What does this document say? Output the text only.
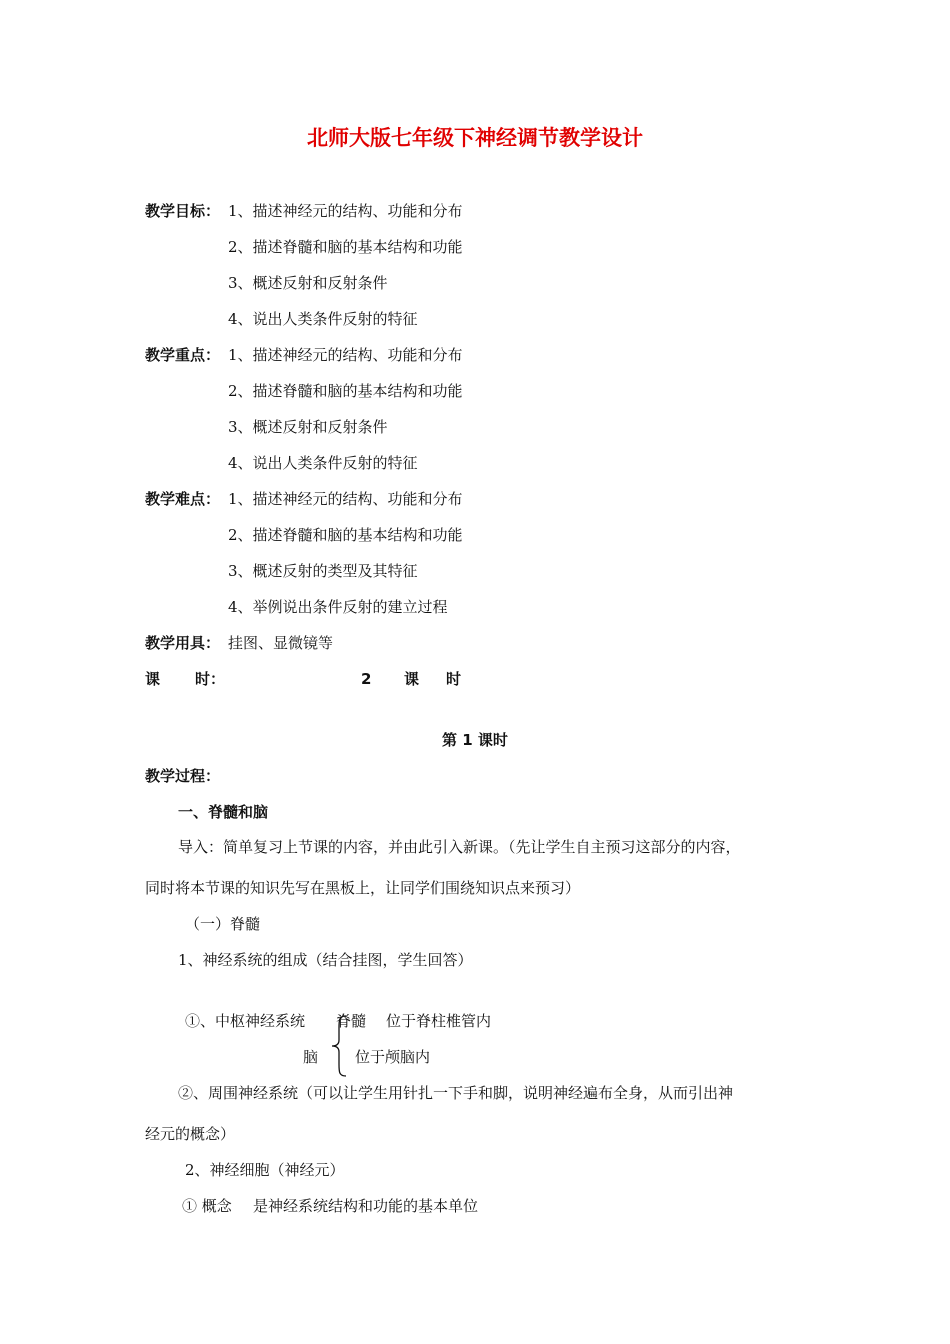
北师大版七年级下神经调节教学设计
教学目标： 1、描述神经元的结构、功能和分布
2、描述脊髓和脑的基本结构和功能
3、概述反射和反射条件
4、说出人类条件反射的特征
教学重点： 1、描述神经元的结构、功能和分布
2、描述脊髓和脑的基本结构和功能
3、概述反射和反射条件
4、说出人类条件反射的特征
教学难点： 1、描述神经元的结构、功能和分布
2、描述脊髓和脑的基本结构和功能
3、概述反射的类型及其特征
4、举例说出条件反射的建立过程
教学用具： 挂图、显微镜等
课 时：	2 课 时
第 1 课时
教学过程：
一、脊髓和脑
导入：简单复习上节课的内容，并由此引入新课。（先让学生自主预习这部分的内容，
同时将本节课的知识先写在黑板上，让同学们围绕知识点来预习）
（一）脊髓
1、神经系统的组成（结合挂图，学生回答）
①、中枢神经系统 脊髓 位于脊柱椎管内
脑 位于颅脑内
②、周围神经系统（可以让学生用针扎一下手和脚，说明神经遍布全身，从而引出神
经元的概念）
2、神经细胞（神经元）
① 概念 是神经系统结构和功能的基本单位
